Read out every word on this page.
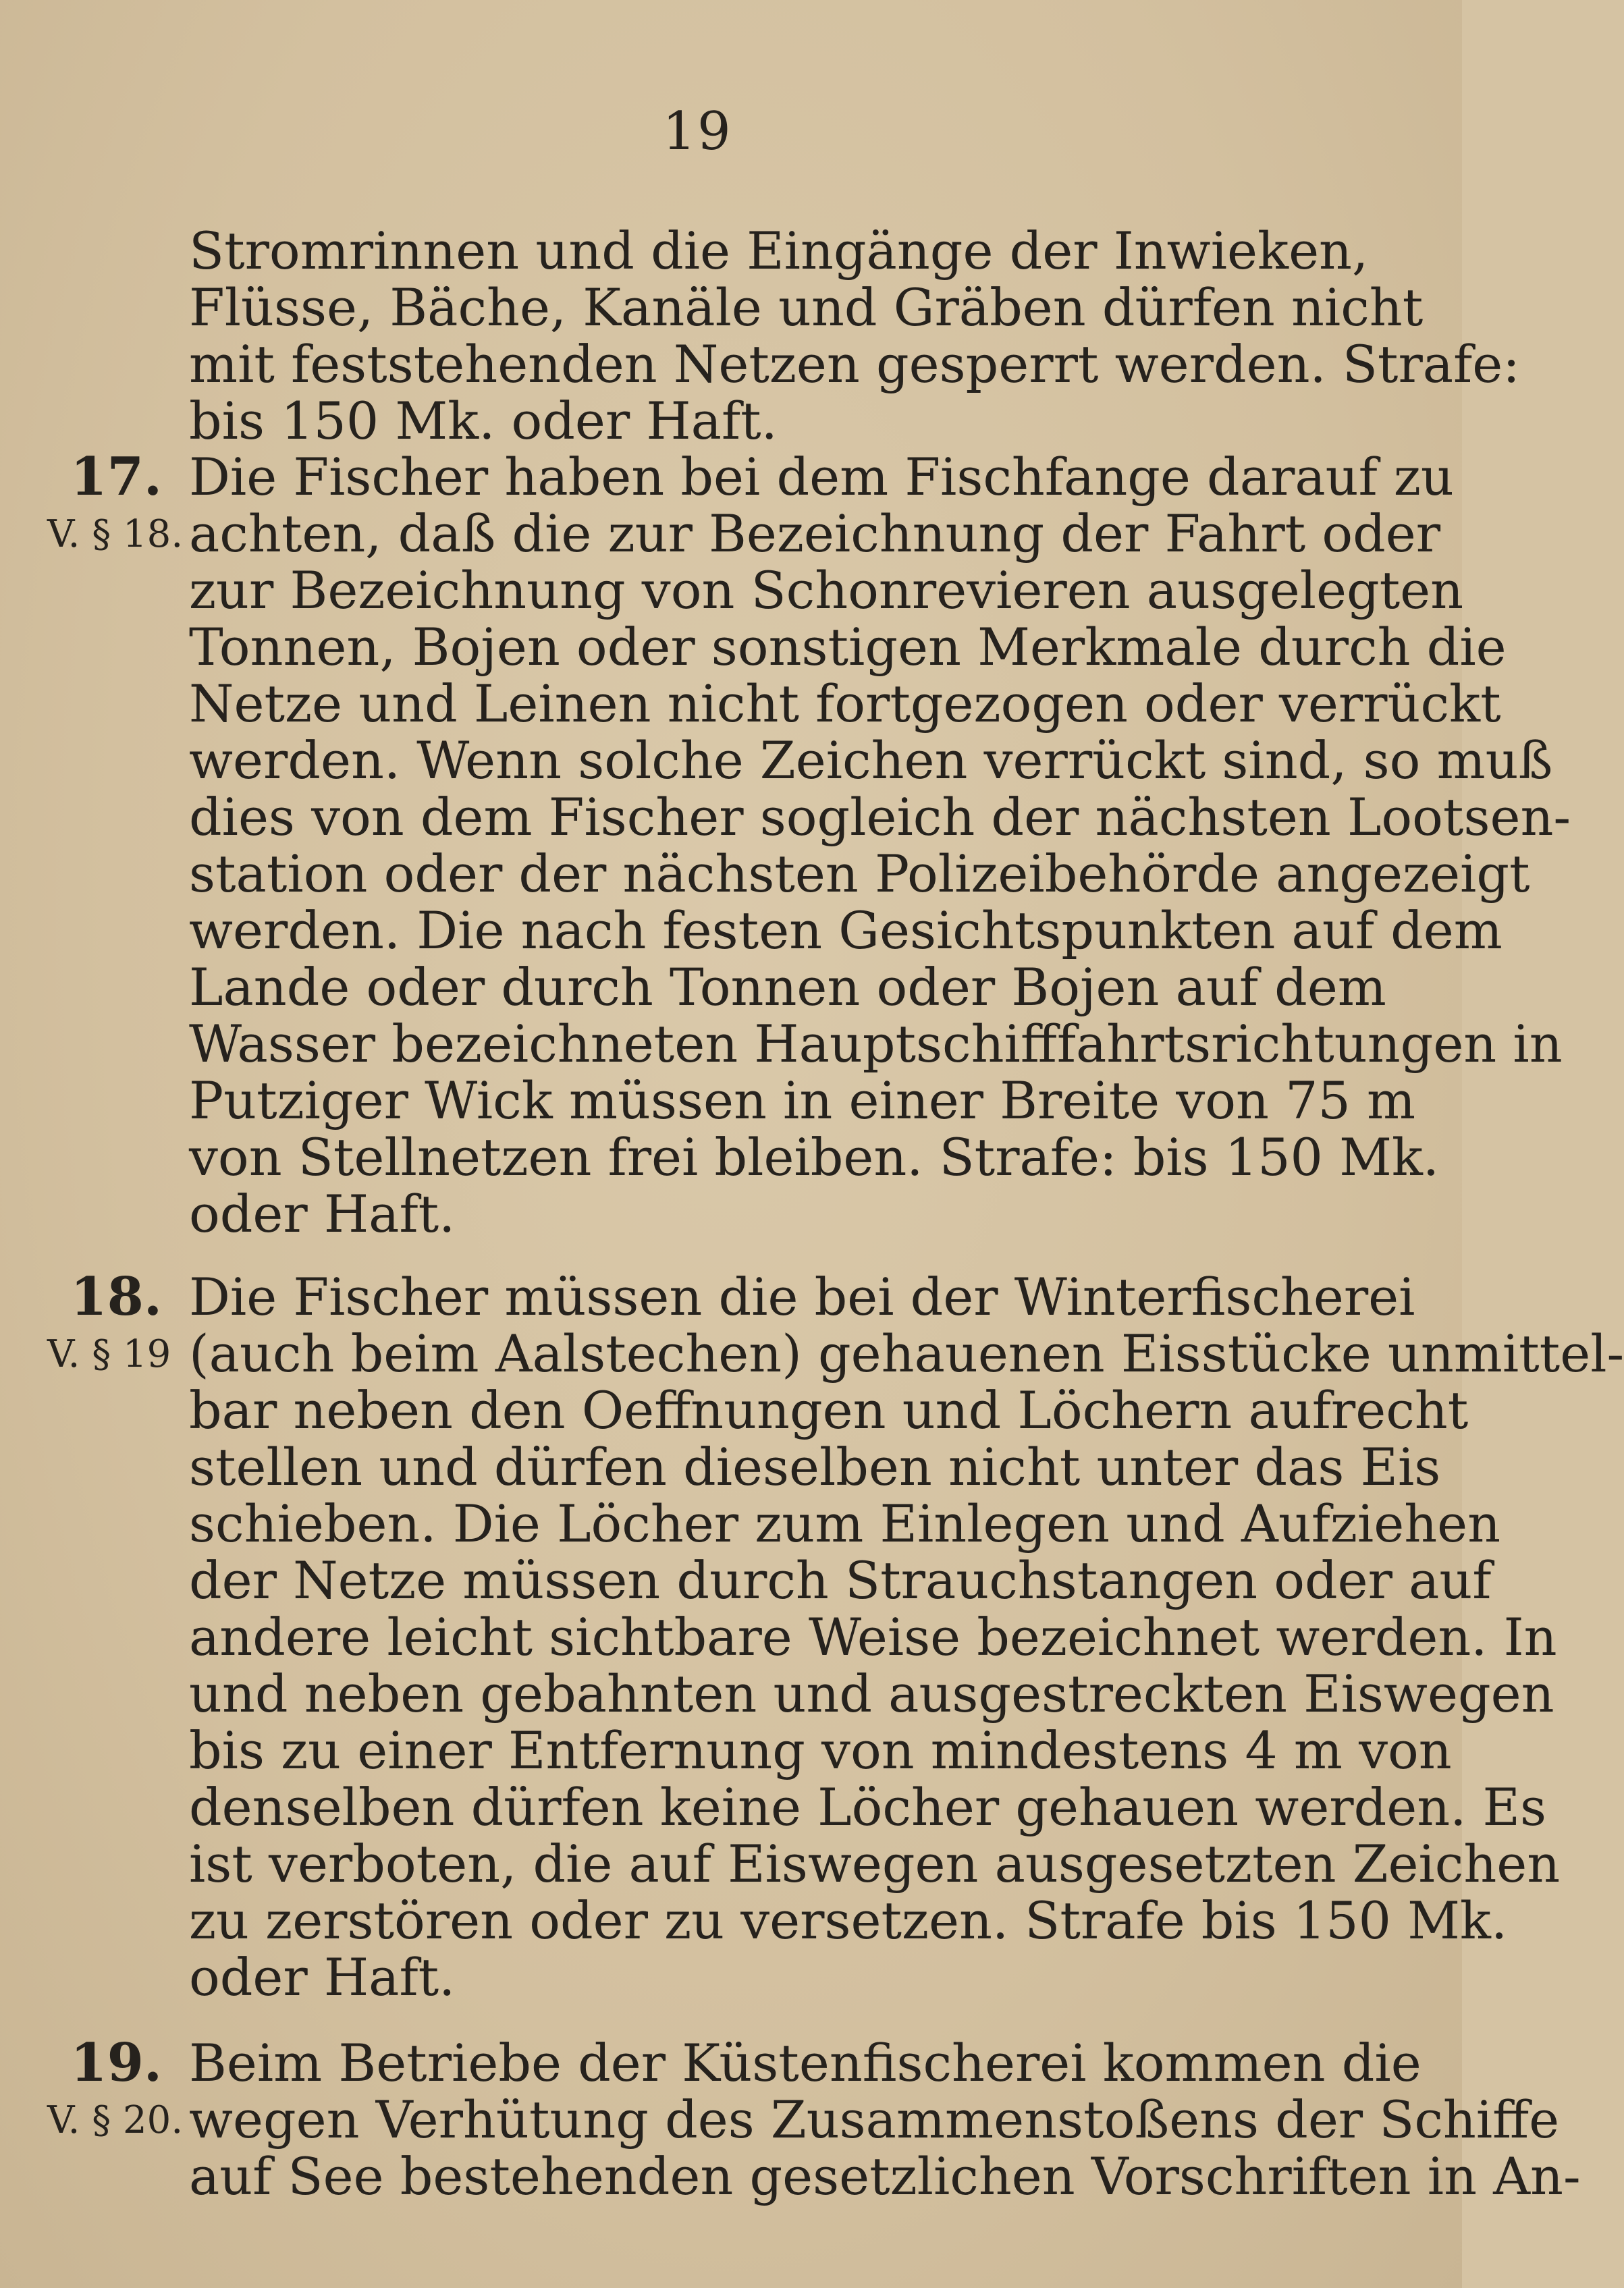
19
Stromrinnen und die Eingänge der Inwieken,
Flüsse, Bäche, Kanäle und Gräben dürfen nicht
mit feststehenden Netzen gesperrt werden. Strafe:
bis 150 Mk. oder Haft.
17.
V. § 18.
Die Fischer haben bei dem Fischfange darauf zu
achten, daß die zur Bezeichnung der Fahrt oder
zur Bezeichnung von Schonrevieren ausgelegten
Tonnen, Bojen oder sonstigen Merkmale durch die
Netze und Leinen nicht fortgezogen oder verrückt
werden. Wenn solche Zeichen verrückt sind, so muß
dies von dem Fischer sogleich der nächsten Lootsen-
station oder der nächsten Polizeibehörde angezeigt
werden. Die nach festen Gesichtspunkten auf dem
Lande oder durch Tonnen oder Bojen auf dem
Wasser bezeichneten Hauptschifffahrtsrichtungen in
Putziger Wick müssen in einer Breite von 75 m
von Stellnetzen frei bleiben. Strafe: bis 150 Mk.
oder Haft.
18.
V. § 19
Die Fischer müssen die bei der Winterfischerei
(auch beim Aalstechen) gehauenen Eisstücke unmittel-
bar neben den Oeffnungen und Löchern aufrecht
stellen und dürfen dieselben nicht unter das Eis
schieben. Die Löcher zum Einlegen und Aufziehen
der Netze müssen durch Strauchstangen oder auf
andere leicht sichtbare Weise bezeichnet werden. In
und neben gebahnten und ausgestreckten Eiswegen
bis zu einer Entfernung von mindestens 4 m von
denselben dürfen keine Löcher gehauen werden. Es
ist verboten, die auf Eiswegen ausgesetzten Zeichen
zu zerstören oder zu versetzen. Strafe bis 150 Mk.
oder Haft.
19.
V. § 20.
Beim Betriebe der Küstenfischerei kommen die
wegen Verhütung des Zusammenstoßens der Schiffe
auf See bestehenden gesetzlichen Vorschriften in An-
